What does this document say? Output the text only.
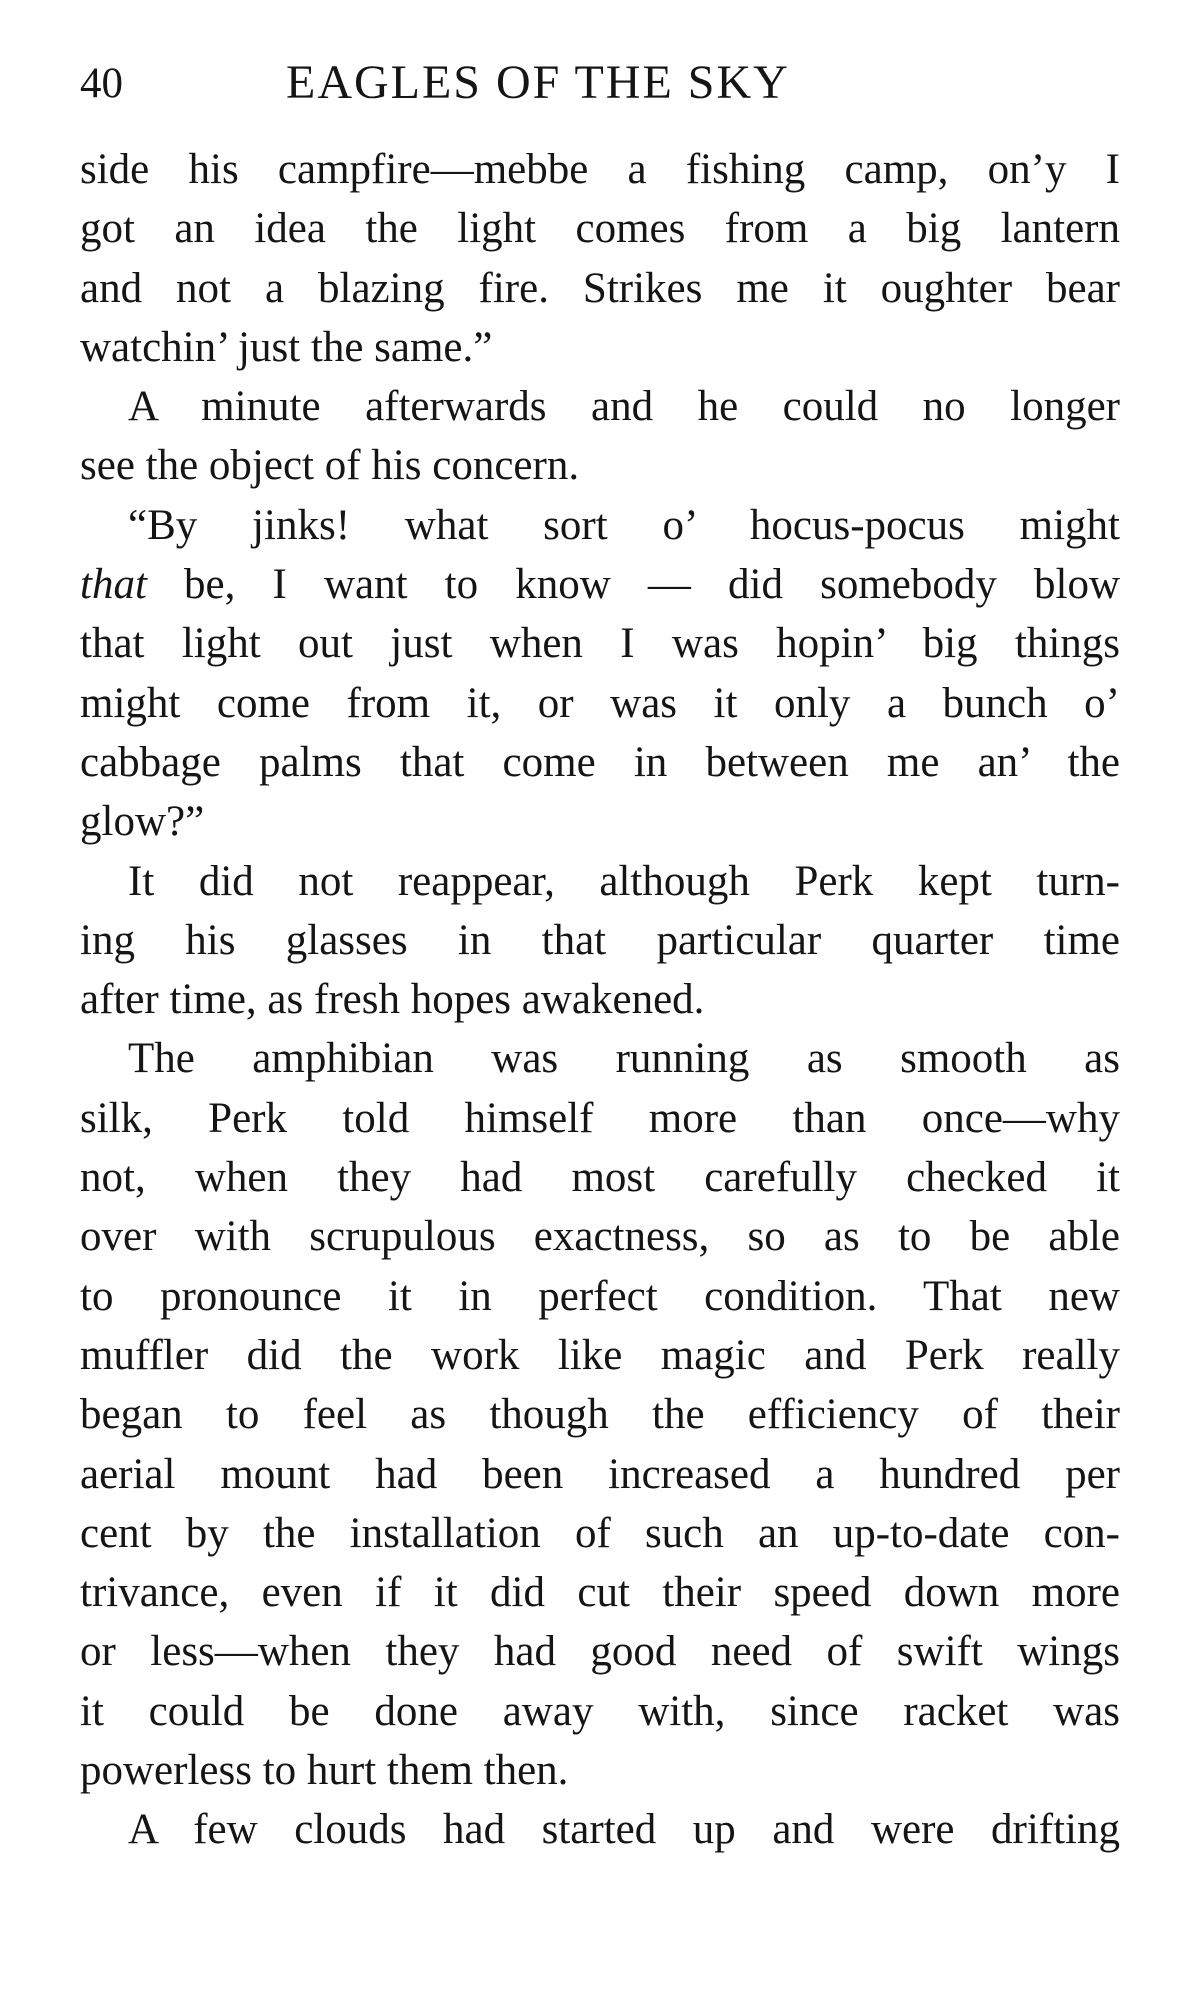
40	EAGLES OF THE SKY
side his campfire—mebbe a fishing camp, on’y I
got an idea the light comes from a big lantern
and not a blazing fire. Strikes me it oughter bear
watchin’ just the same.”
A minute afterwards and he could no longer
see the object of his concern.
“By jinks! what sort o’ hocus-pocus might
that be, I want to know — did somebody blow
that light out just when I was hopin’ big things
might come from it, or was it only a bunch o’
cabbage palms that come in between me an’ the
glow?”
It did not reappear, although Perk kept turn-
ing his glasses in that particular quarter time
after time, as fresh hopes awakened.
The amphibian was running as smooth as
silk, Perk told himself more than once—why
not, when they had most carefully checked it
over with scrupulous exactness, so as to be able
to pronounce it in perfect condition. That new
muffler did the work like magic and Perk really
began to feel as though the efficiency of their
aerial mount had been increased a hundred per
cent by the installation of such an up-to-date con-
trivance, even if it did cut their speed down more
or less—when they had good need of swift wings
it could be done away with, since racket was
powerless to hurt them then.
A few clouds had started up and were drifting
